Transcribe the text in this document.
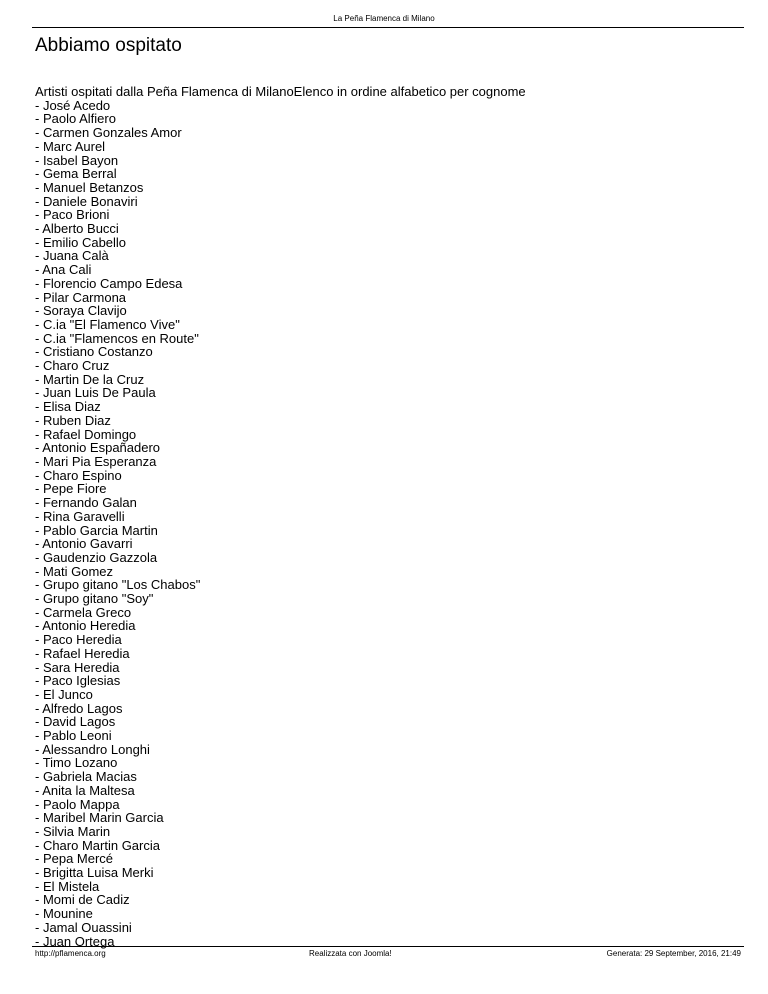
La Peña Flamenca di Milano
Abbiamo ospitato
Artisti ospitati dalla Peña Flamenca di MilanoElenco in ordine alfabetico per cognome
- José Acedo
- Paolo Alfiero
- Carmen Gonzales Amor
- Marc Aurel
- Isabel Bayon
- Gema Berral
- Manuel Betanzos
- Daniele Bonaviri
- Paco Brioni
- Alberto Bucci
- Emilio Cabello
- Juana Calà
- Ana Cali
- Florencio Campo Edesa
- Pilar Carmona
- Soraya Clavijo
- C.ia "El Flamenco Vive"
- C.ia "Flamencos en Route"
- Cristiano Costanzo
- Charo Cruz
- Martin De la Cruz
- Juan Luis De Paula
- Elisa Diaz
- Ruben Diaz
- Rafael Domingo
- Antonio Españadero
- Mari Pia Esperanza
- Charo Espino
- Pepe Fiore
- Fernando Galan
- Rina Garavelli
- Pablo Garcia Martin
- Antonio Gavarri
- Gaudenzio Gazzola
- Mati Gomez
- Grupo gitano "Los Chabos"
- Grupo gitano "Soy"
- Carmela Greco
- Antonio Heredia
- Paco Heredia
- Rafael Heredia
- Sara Heredia
- Paco Iglesias
- El Junco
- Alfredo Lagos
- David Lagos
- Pablo Leoni
- Alessandro Longhi
- Timo Lozano
- Gabriela Macias
- Anita la Maltesa
- Paolo Mappa
- Maribel Marin Garcia
- Silvia Marin
- Charo Martin Garcia
- Pepa Mercé
- Brigitta Luisa Merki
- El Mistela
- Momi de Cadiz
- Mounine
- Jamal Ouassini
- Juan Ortega
http://pflamenca.org	Realizzata con Joomla!	Generata: 29 September, 2016, 21:49
